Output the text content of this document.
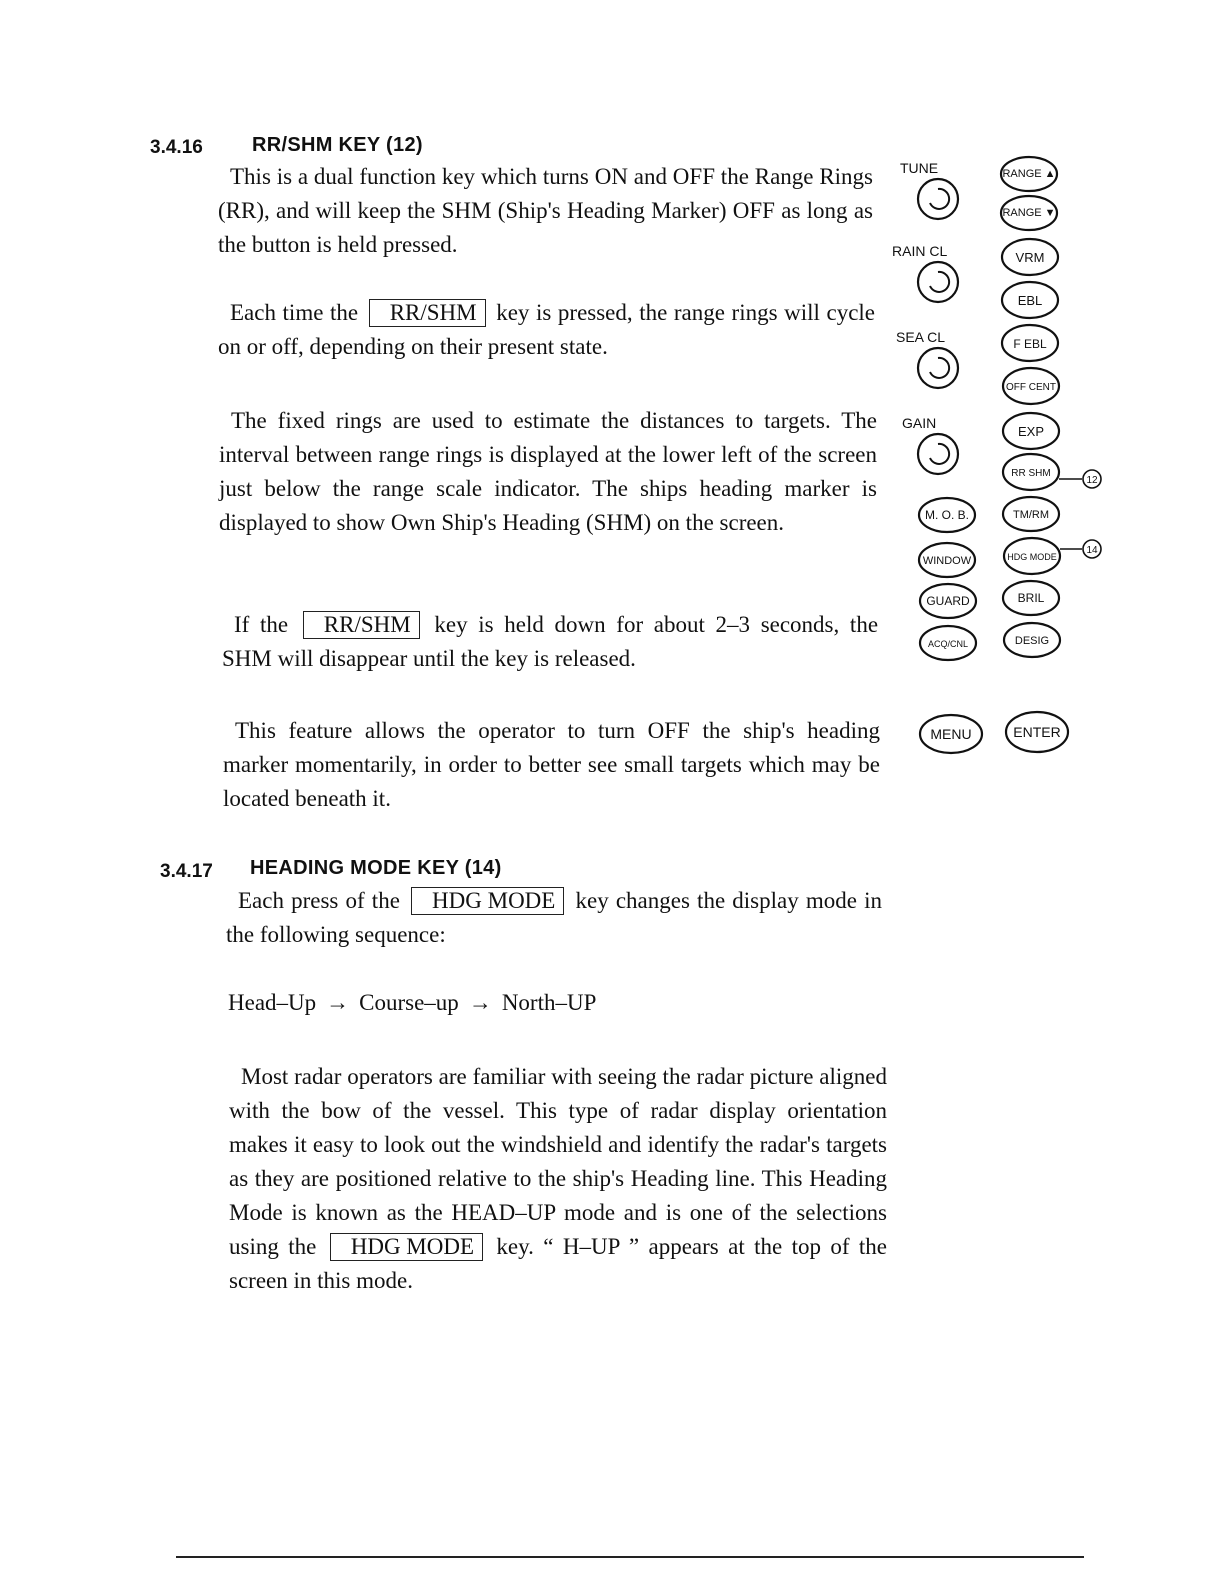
3.4.16 RR/SHM KEY (12)

This is a dual function key which turns ON and OFF the Range Rings (RR), and will keep the SHM (Ship's Heading Marker) OFF as long as the button is held pressed.

Each time the RR/SHM key is pressed, the range rings will cycle on or off, depending on their present state.

The fixed rings are used to estimate the distances to targets. The interval between range rings is displayed at the lower left of the screen just below the range scale indicator. The ships heading marker is displayed to show Own Ship's Heading (SHM) on the screen.

If the RR/SHM key is held down for about 2–3 seconds, the SHM will disappear until the key is released.

This feature allows the operator to turn OFF the ship's heading marker momentarily, in order to better see small targets which may be located beneath it.

3.4.17 HEADING MODE KEY (14)

Each press of the HDG MODE key changes the display mode in the following sequence:

Head–Up → Course–up → North–UP

Most radar operators are familiar with seeing the radar picture aligned with the bow of the vessel. This type of radar display orientation makes it easy to look out the windshield and identify the radar's targets as they are positioned relative to the ship's Heading line. This Heading Mode is known as the HEAD–UP mode and is one of the selections using the HDG MODE key. “ H–UP ” appears at the top of the screen in this mode.

TUNE
RAIN CL
SEA CL
GAIN
M. O. B.
WINDOW
GUARD
ACQ/CNL
RANGE ▲
RANGE ▼
VRM
EBL
F EBL
OFF CENT
EXP
RR SHM
TM/RM
HDG MODE
BRIL
DESIG
MENU	ENTER
12
14
